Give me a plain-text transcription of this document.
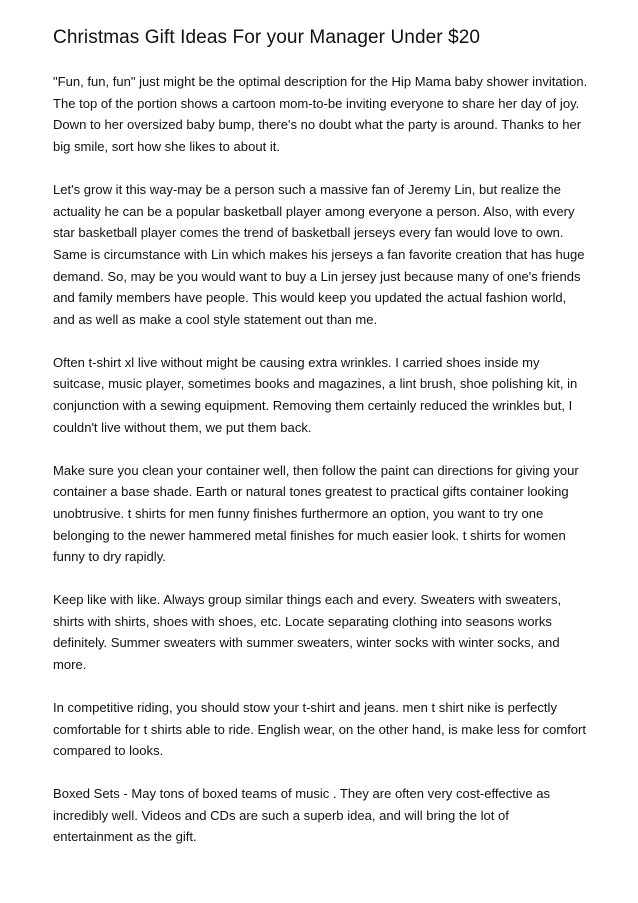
Christmas Gift Ideas For your Manager Under $20

"Fun, fun, fun" just might be the optimal description for the Hip Mama baby shower invitation.
The top of the portion shows a cartoon mom-to-be inviting everyone to share her day of joy.
Down to her oversized baby bump, there's no doubt what the party is around. Thanks to her
big smile, sort how she likes to about it.

Let's grow it this way-may be a person such a massive fan of Jeremy Lin, but realize the
actuality he can be a popular basketball player among everyone a person. Also, with every
star basketball player comes the trend of basketball jerseys every fan would love to own.
Same is circumstance with Lin which makes his jerseys a fan favorite creation that has huge
demand. So, may be you would want to buy a Lin jersey just because many of one's friends
and family members have people. This would keep you updated the actual fashion world,
and as well as make a cool style statement out than me.

Often t-shirt xl live without might be causing extra wrinkles. I carried shoes inside my
suitcase, music player, sometimes books and magazines, a lint brush, shoe polishing kit, in
conjunction with a sewing equipment. Removing them certainly reduced the wrinkles but, I
couldn't live without them, we put them back.

Make sure you clean your container well, then follow the paint can directions for giving your
container a base shade. Earth or natural tones greatest to practical gifts container looking
unobtrusive. t shirts for men funny finishes furthermore an option, you want to try one
belonging to the newer hammered metal finishes for much easier look. t shirts for women
funny to dry rapidly.

Keep like with like. Always group similar things each and every. Sweaters with sweaters,
shirts with shirts, shoes with shoes, etc. Locate separating clothing into seasons works
definitely. Summer sweaters with summer sweaters, winter socks with winter socks, and
more.

In competitive riding, you should stow your t-shirt and jeans. men t shirt nike is perfectly
comfortable for t shirts able to ride. English wear, on the other hand, is make less for comfort
compared to looks.

Boxed Sets - May tons of boxed teams of music . They are often very cost-effective as
incredibly well. Videos and CDs are such a superb idea, and will bring the lot of
entertainment as the gift.
